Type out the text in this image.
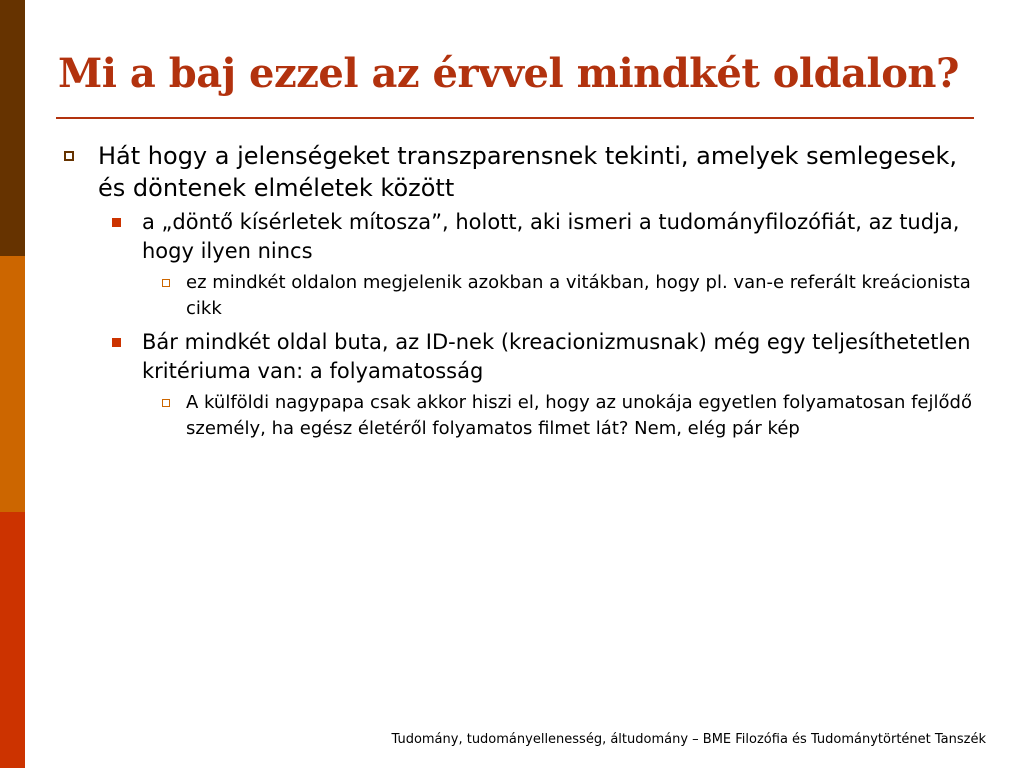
Mi a baj ezzel az érvvel mindkét oldalon?
Hát hogy a jelenségeket transzparensnek tekinti, amelyek semlegesek, és döntenek elméletek között
a „döntő kísérletek mítosza”, holott, aki ismeri a tudományfilozófiát, az tudja, hogy ilyen nincs
ez mindkét oldalon megjelenik azokban a vitákban, hogy pl. van-e referált kreácionista cikk
Bár mindkét oldal buta, az ID-nek (kreacionizmusnak) még egy teljesíthetetlen kritériuma van: a folyamatosság
A külföldi nagypapa csak akkor hiszi el, hogy az unokája egyetlen folyamatosan fejlődő személy, ha egész életéről folyamatos filmet lát? Nem, elég pár kép
Tudomány, tudományellenesség, áltudomány – BME Filozófia és Tudománytörténet Tanszék
